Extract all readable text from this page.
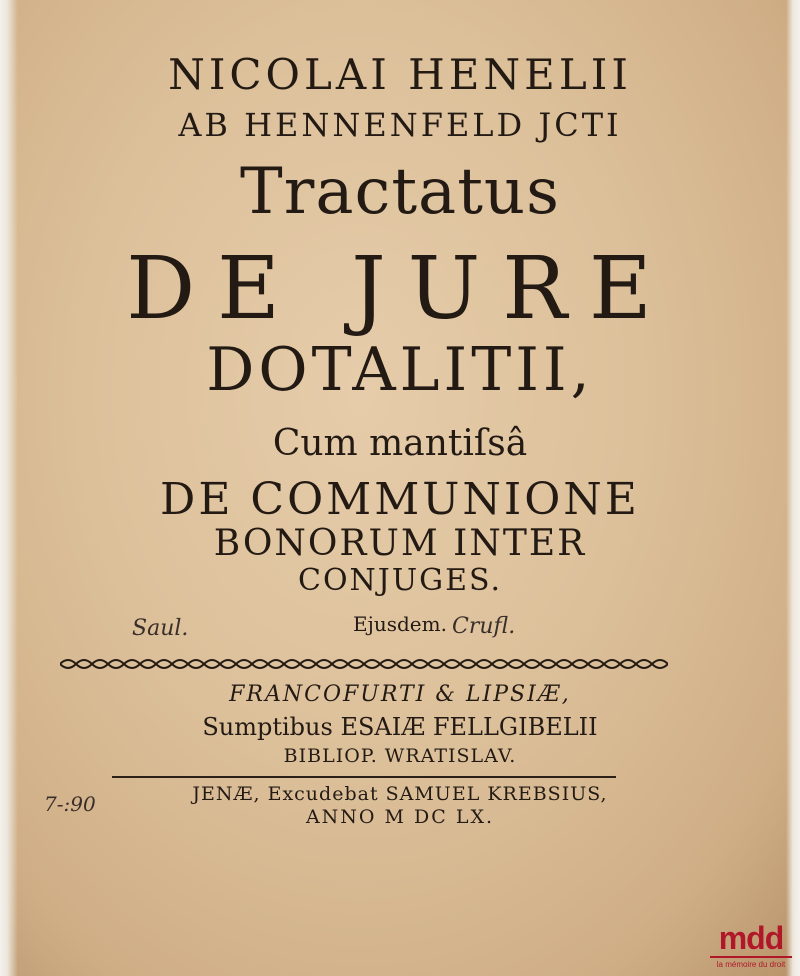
NICOLAI HENELII
AB HENNENFELD JCTI
Tractatus
DE JURE
DOTALITII,
Cum mantiſsâ
DE COMMUNIONE
BONORUM INTER
CONJUGES.
Ejusdem.
Saul.	Crufl.
FRANCOFURTI & LIPSIÆ,
Sumptibus ESAIÆ FELLGIBELII
BIBLIOP. WRATISLAV.
JENÆ, Excudebat SAMUEL KREBSIUS,
ANNO M DC LX.
7-:90
mdd
la mémoire du droit
